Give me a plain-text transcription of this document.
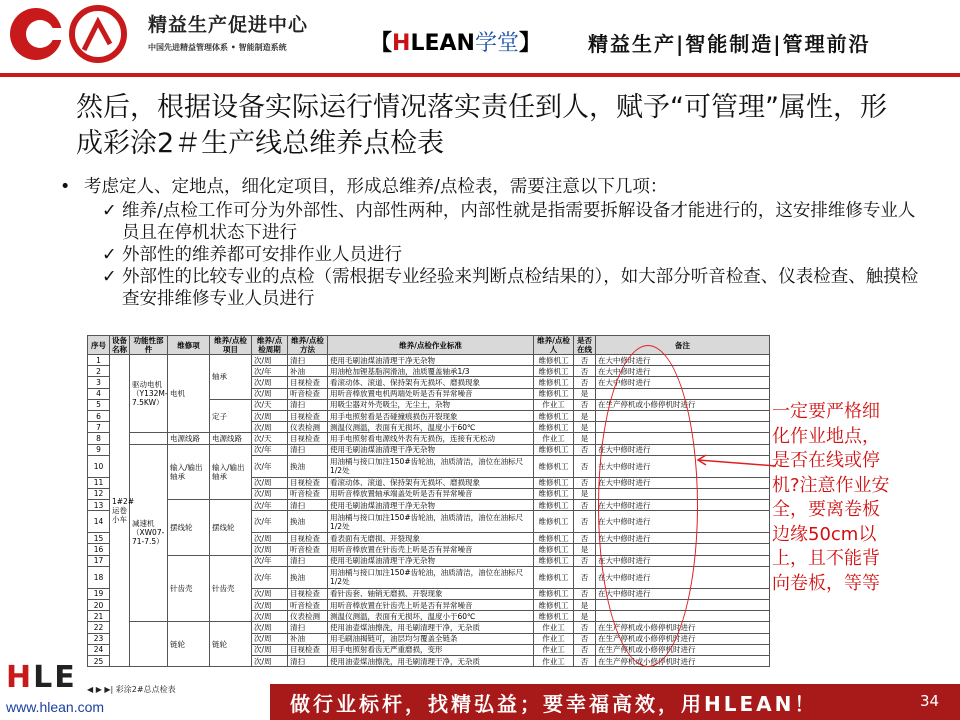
精益生产促进中心
中国先进精益管理体系 • 智能制造系统	【HLEAN学堂】 精益生产|智能制造|管理前沿
然后，根据设备实际运行情况落实责任到人，赋予“可管理”属性，形成彩涂2＃生产线总维养点检表
• 考虑定人、定地点，细化定项目，形成总维养/点检表，需要注意以下几项：
✓ 维养/点检工作可分为外部性、内部性两种，内部性就是指需要拆解设备才能进行的，这安排维修专业人员且在停机状态下进行
✓ 外部性的维养都可安排作业人员进行
✓ 外部性的比较专业的点检（需根据专业经验来判断点检结果的），如大部分听音检查、仪表检查、触摸检查安排维修专业人员进行
序号	设备名称	功能性部件	维修项	维养/点检项目	维养/点检周期	维养/点检方法	维养/点检作业标准	维养/点检人	是否在线	备注
1	1#2#运卷小车	驱动电机（Y132M-7.5KW）	电机	轴承	次/周	清扫	使用毛刷油煤油清理干净无杂物	维修机工	否	在大中修时进行
2					次/年	补油	用油枪加锂基脂润滑油，油质覆盖轴承1/3	维修机工	否	在大中修时进行
3					次/周	目视检查	看滚动体、滚道、保持架有无损坏、磨损现象	维修机工	否	在大中修时进行
4					次/周	听音检查	用听音棒放置电机两端处听是否有异常噪音	维修机工	是	
5				定子	次/天	清扫	用吸尘器对外壳吸尘，无尘土，杂物	作业工	否	在生产停机或小修停机时进行
6					次/周	目视检查	用手电照射看是否碰撞痕损伤开裂现象	维修机工	是	
7					次/周	仪表检测	测温仪测温，表面有无损坏，温度小于60℃	维修机工	是	
8			电源线路	电源线路	次/天	目视检查	用手电照射看电源线外表有无损伤，连接有无松动	作业工	是	
9		减速机（XW07-71-7.5）	输入/输出轴承	输入/输出轴承	次/年	清扫	使用毛刷油煤油清理干净无杂物	维修机工	否	在大中修时进行
10					次/年	换油	用油桶与接口加注150#齿轮油，油质清洁，油位在油标尺1/2处	维修机工	否	在大中修时进行
11					次/周	目视检查	看滚动体、滚道、保持架有无损坏、磨损现象	维修机工	否	在大中修时进行
12					次/周	听音检查	用听音棒放置轴承端盖处听是否有异常噪音	维修机工	是	
13			摆线轮	摆线轮	次/年	清扫	使用毛刷油煤油清理干净无杂物	维修机工	否	在大中修时进行
14					次/年	换油	用油桶与接口加注150#齿轮油，油质清洁，油位在油标尺1/2处	维修机工	否	在大中修时进行
15					次/周	目视检查	看表面有无磨损、开裂现象	维修机工	否	在大中修时进行
16					次/周	听音检查	用听音棒放置在针齿壳上听是否有异常噪音	维修机工	是	
17			针齿壳	针齿壳	次/年	清扫	使用毛刷油煤油清理干净无杂物	维修机工	否	在大中修时进行
18					次/年	换油	用油桶与接口加注150#齿轮油，油质清洁，油位在油标尺1/2处	维修机工	否	在大中修时进行
19					次/周	目视检查	看针齿套、轴销无磨损、开裂现象	维修机工	否	在大中修时进行
20					次/周	听音检查	用听音棒放置在针齿壳上听是否有异常噪音	维修机工	是	
21					次/周	仪表检测	测温仪测温，表面有无损坏，温度小于60℃	维修机工	是	
22			链轮	链轮	次/周	清扫	使用油壶煤油擦洗，用毛刷清理干净，无杂质	作业工	否	在生产停机或小修停机时进行
23					次/周	补油	用毛刷油揭链可，油层均匀覆盖全链条	作业工	否	在生产停机或小修停机时进行
24					次/周	目视检查	用手电照射看齿无严重磨损，变形	作业工	否	在生产停机或小修停机时进行
25					次/周	清扫	使用油壶煤油擦洗，用毛刷清理干净，无杂质	作业工	否	在生产停机或小修停机时进行
◀ ▶ ▶| 彩涂2#总点检表
一定要严格细化作业地点，是否在线或停机?注意作业安全，要离卷板边缘50cm以上，且不能背向卷板，等等
做行业标杆，找精弘益；要幸福高效，用HLEAN！	34
HLE
www.hlean.com
